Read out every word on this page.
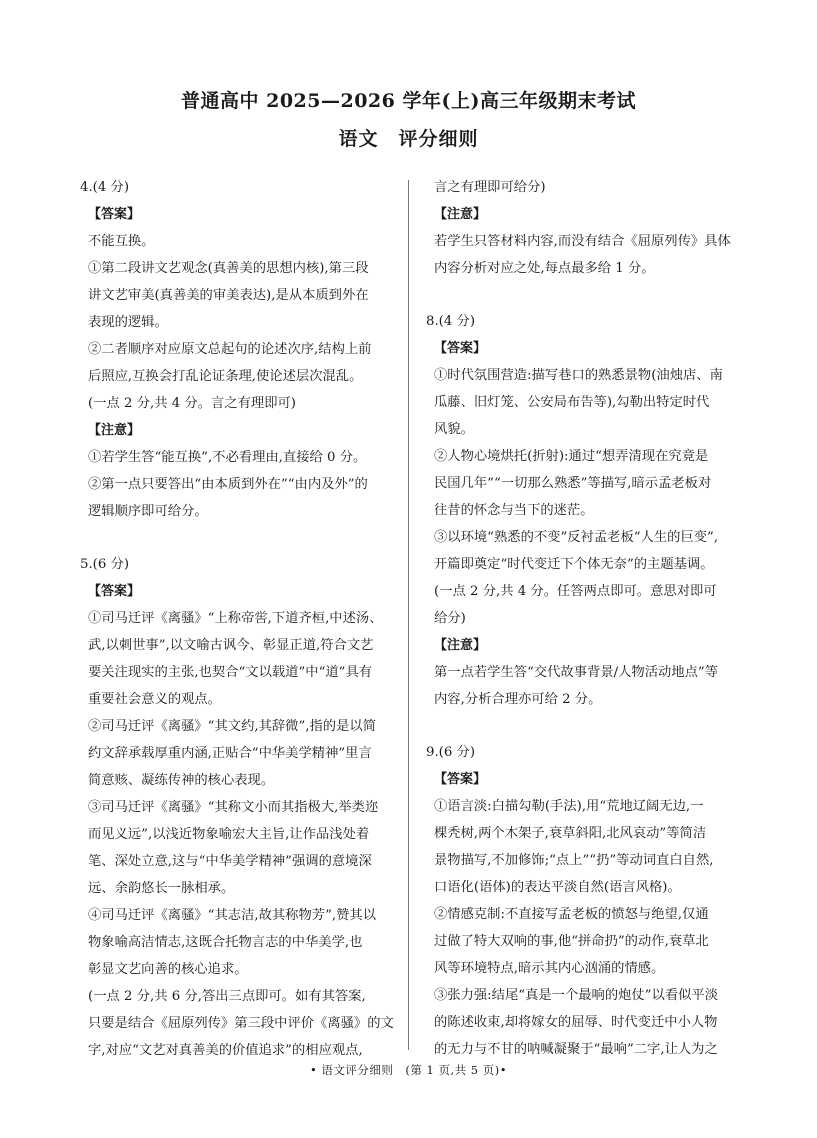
普通高中 2025—2026 学年(上)高三年级期末考试
语文　评分细则

4.(4 分)

【答案】

不能互换。

①第二段讲文艺观念(真善美的思想内核),第三段

讲文艺审美(真善美的审美表达),是从本质到外在

表现的逻辑。

②二者顺序对应原文总起句的论述次序,结构上前

后照应,互换会打乱论证条理,使论述层次混乱。

(一点 2 分,共 4 分。言之有理即可)

【注意】

①若学生答“能互换”,不必看理由,直接给 0 分。

②第一点只要答出“由本质到外在”“由内及外”的

逻辑顺序即可给分。

5.(6 分)

【答案】

①司马迁评《离骚》“上称帝喾,下道齐桓,中述汤、

武,以刺世事”,以文喻古讽今、彰显正道,符合文艺

要关注现实的主张,也契合“文以载道”中“道”具有

重要社会意义的观点。

②司马迁评《离骚》“其文约,其辞微”,指的是以简

约文辞承载厚重内涵,正贴合“中华美学精神”里言

简意赅、凝练传神的核心表现。

③司马迁评《离骚》“其称文小而其指极大,举类迩

而见义远”,以浅近物象喻宏大主旨,让作品浅处着

笔、深处立意,这与“中华美学精神”强调的意境深

远、余韵悠长一脉相承。

④司马迁评《离骚》“其志洁,故其称物芳”,赞其以

物象喻高洁情志,这既合托物言志的中华美学,也

彰显文艺向善的核心追求。

(一点 2 分,共 6 分,答出三点即可。如有其答案,

只要是结合《屈原列传》第三段中评价《离骚》的文

字,对应“文艺对真善美的价值追求”的相应观点,

言之有理即可给分)

【注意】

若学生只答材料内容,而没有结合《屈原列传》具体

内容分析对应之处,每点最多给 1 分。

8.(4 分)

【答案】

①时代氛围营造:描写巷口的熟悉景物(油烛店、南

瓜藤、旧灯笼、公安局布告等),勾勒出特定时代

风貌。

②人物心境烘托(折射):通过“想弄清现在究竟是

民国几年”“一切那么熟悉”等描写,暗示孟老板对

往昔的怀念与当下的迷茫。

③以环境“熟悉的不变”反衬孟老板“人生的巨变”,

开篇即奠定“时代变迁下个体无奈”的主题基调。

(一点 2 分,共 4 分。任答两点即可。意思对即可

给分)

【注意】

第一点若学生答“交代故事背景/人物活动地点”等

内容,分析合理亦可给 2 分。

9.(6 分)

【答案】

①语言淡:白描勾勒(手法),用“荒地辽阔无边,一

棵秃树,两个木架子,衰草斜阳,北风哀动”等简洁

景物描写,不加修饰;“点上”“扔”等动词直白自然,

口语化(语体)的表达平淡自然(语言风格)。

②情感克制:不直接写孟老板的愤怒与绝望,仅通

过做了特大双响的事,他“拼命扔”的动作,衰草北

风等环境特点,暗示其内心汹涌的情感。

③张力强:结尾“真是一个最响的炮仗”以看似平淡

的陈述收束,却将嫁女的屈辱、时代变迁中小人物

的无力与不甘的呐喊凝聚于“最响”二字,让人为之

• 语文评分细则　(第 1 页,共 5 页)•
